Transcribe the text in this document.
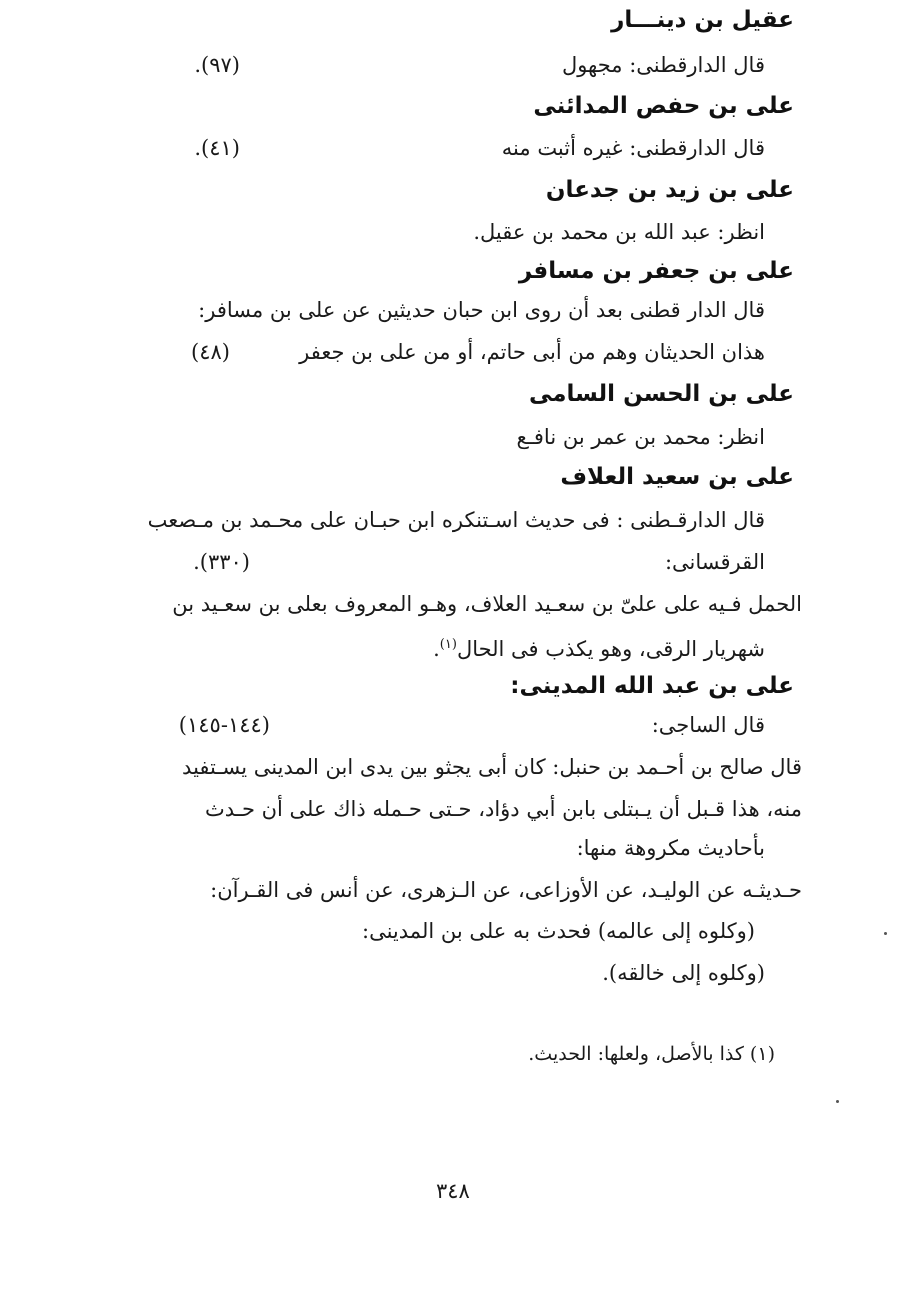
عقيل بن دينـــار
قال الدارقطنى: مجهول
(٩٧).
على بن حفص المدائنى
قال الدارقطنى: غيره أثبت منه
(٤١).
على بن زيد بن جدعان
انظر: عبد الله بن محمد بن عقيل.
على بن جعفر بن مسافر
قال الدار قطنى بعد أن روى ابن حبان حديثين عن على بن مسافر:
هذان الحديثان وهم من أبى حاتم، أو من على بن جعفر
(٤٨)
على بن الحسن السامى
انظر: محمد بن عمر بن نافـع
على بن سعيد العلاف
قال الدارقـطنى : فى حديث اسـتنكره ابن حبـان على محـمد بن مـصعب
القرقسانى:
(٣٣٠).
الحمل فـيه على علىّ بن سعـيد العلاف، وهـو المعروف بعلى بن سعـيد بن
شهريار الرقى، وهو يكذب فى الحال$^{(١)}$.
على بن عبد الله المدينى:
قال الساجى:
(١٤٤-١٤٥)
قال صالح بن أحـمد بن حنبل: كان أبى يجثو بين يدى ابن المدينى يسـتفيد
منه، هذا قـبل أن يـبتلى بابن أبي دؤاد، حـتى حـمله ذاك على أن حـدث
بأحاديث مكروهة منها:
حـديثـه عن الوليـد، عن الأوزاعى، عن الـزهرى، عن أنس فى القـرآن:
(وكلوه إلى عالمه) فحدث به على بن المدينى:
(وكلوه إلى خالقه).
(١) كذا بالأصل، ولعلها: الحديث.
٣٤٨
